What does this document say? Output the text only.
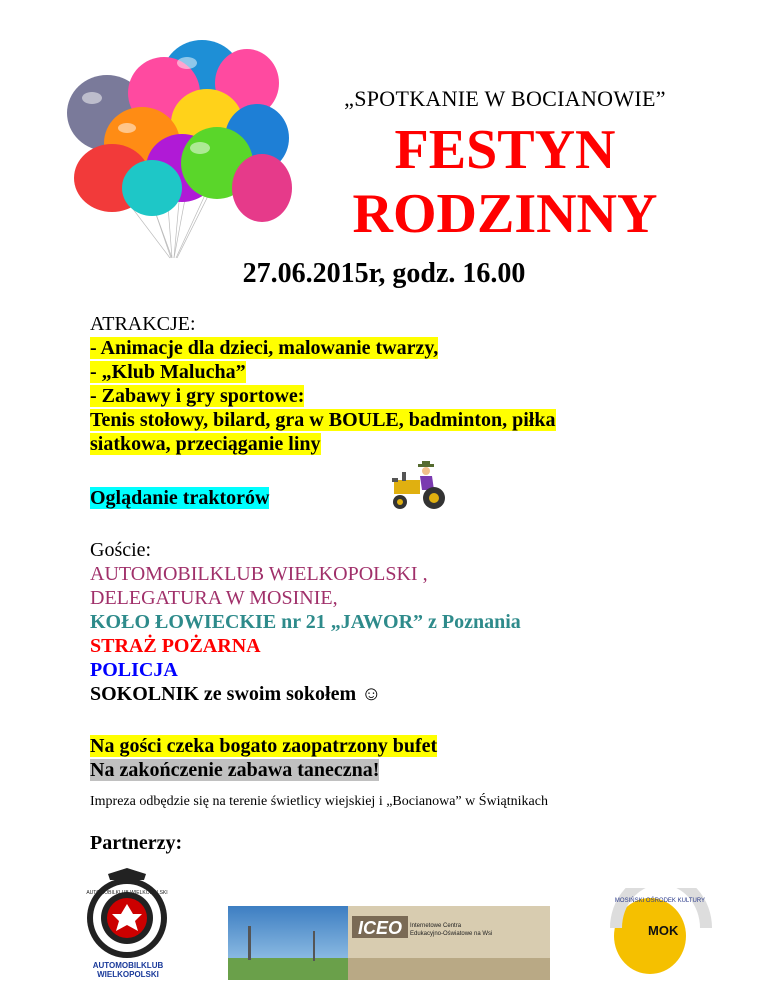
„SPOTKANIE W BOCIANOWIE”
FESTYN
RODZINNY
27.06.2015r, godz. 16.00
ATRAKCJE:
- Animacje dla dzieci, malowanie twarzy,
- „Klub Malucha”
- Zabawy i gry sportowe:
Tenis stołowy, bilard, gra w BOULE, badminton, piłka
siatkowa, przeciąganie liny
Oglądanie traktorów
Goście:
AUTOMOBILKLUB WIELKOPOLSKI ,
DELEGATURA W MOSINIE,
KOŁO ŁOWIECKIE nr 21 „JAWOR” z Poznania
STRAŻ POŻARNA
POLICJA
SOKOLNIK ze swoim sokołem ☺
Na gości czeka bogato zaopatrzony bufet
Na zakończenie zabawa taneczna!
Impreza odbędzie się na terenie świetlicy wiejskiej i „Bocianowa” w Świątnikach
Partnerzy:
AUTOMOBILKLUB WIELKOPOLSKI
AUTOMOBILKLUB WIELKOPOLSKI
ICEO Internetowe Centra
Edukacyjno-Oświatowe na Wsi
MOSIŃSKI OŚRODEK KULTURY
MOK
